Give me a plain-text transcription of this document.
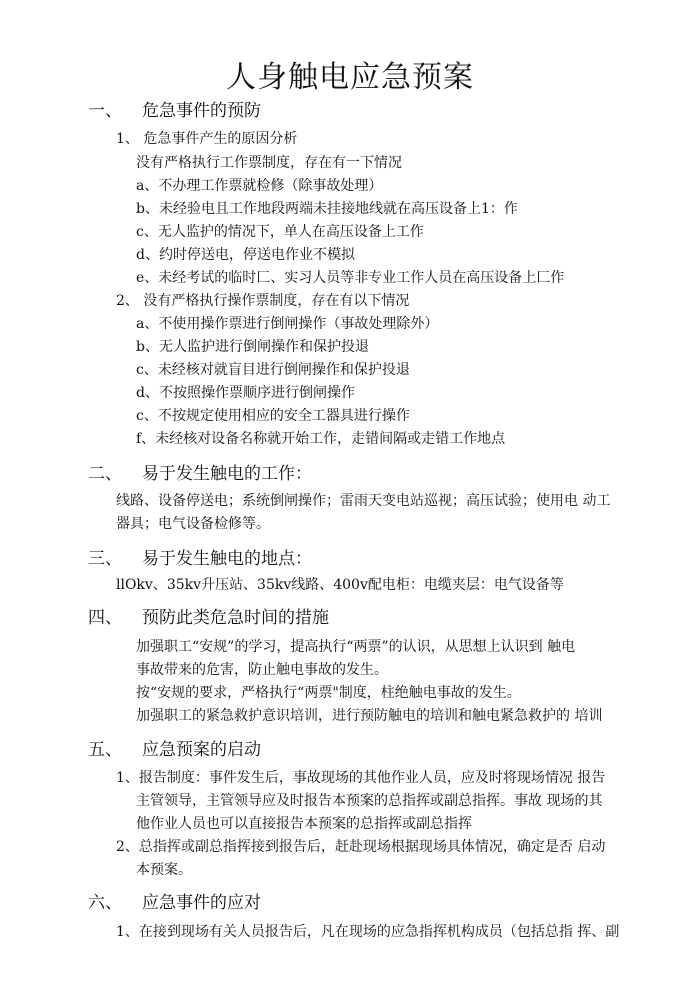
人身触电应急预案
一、 危急事件的预防
1、 危急事件产生的原因分析
没有严格执行工作票制度，存在有一下情况
a、不办理工作票就检修（除事故处理）
b、未经验电且工作地段两端未挂接地线就在高压设备上1：作
c、无人监护的情况下，单人在高压设备上工作
d、约时停送电，停送电作业不模拟
e、未经考试的临时匚、实习人员等非专业工作人员在高压设备上匚作
2、 没有严格执行操作票制度，存在有以下情况
a、不使用操作票进行倒闸操作（事故处理除外）
b、无人监护进行倒闸操作和保护投退
c、未经核对就盲目进行倒闸操作和保护投退
d、不按照操作票顺序进行倒闸操作
c、不按规定使用相应的安全工器具进行操作
f、未经核对设备名称就开始工作，走错间隔或走错工作地点
二、 易于发生触电的工作：
线路、设备停送电；系统倒闸操作；雷雨天变电站巡视；高压试验；使用电 动工
器具；电气设备检修等。
三、 易于发生触电的地点：
llOkv、35kv升压站、35kv线路、400v配电柜：电缆夹层：电气设备等
四、 预防此类危急时间的措施
加强职工“安规”的学习，提高执行“两票”的认识，从思想上认识到 触电
事故带来的危害，防止触电事故的发生。
按“安规的要求，严格执行“两票"制度，柱绝触电事故的发生。
加强职工的紧急救护意识培训，进行预防触电的培训和触电紧急救护的 培训
五、 应急预案的启动
1、报告制度：事件发生后，事故现场的其他作业人员，应及时将现场情况 报告
主管领导，主管领导应及时报告本预案的总指挥或副总指挥。事故 现场的其
他作业人员也可以直接报告本预案的总指挥或副总指挥
2、总指挥或副总指挥接到报告后，赶赴现场根据现场具体情况，确定是否 启动
本预案。
六、 应急事件的应对
1、在接到现场有关人员报告后，凡在现场的应急指挥机构成员（包括总指 挥、副
